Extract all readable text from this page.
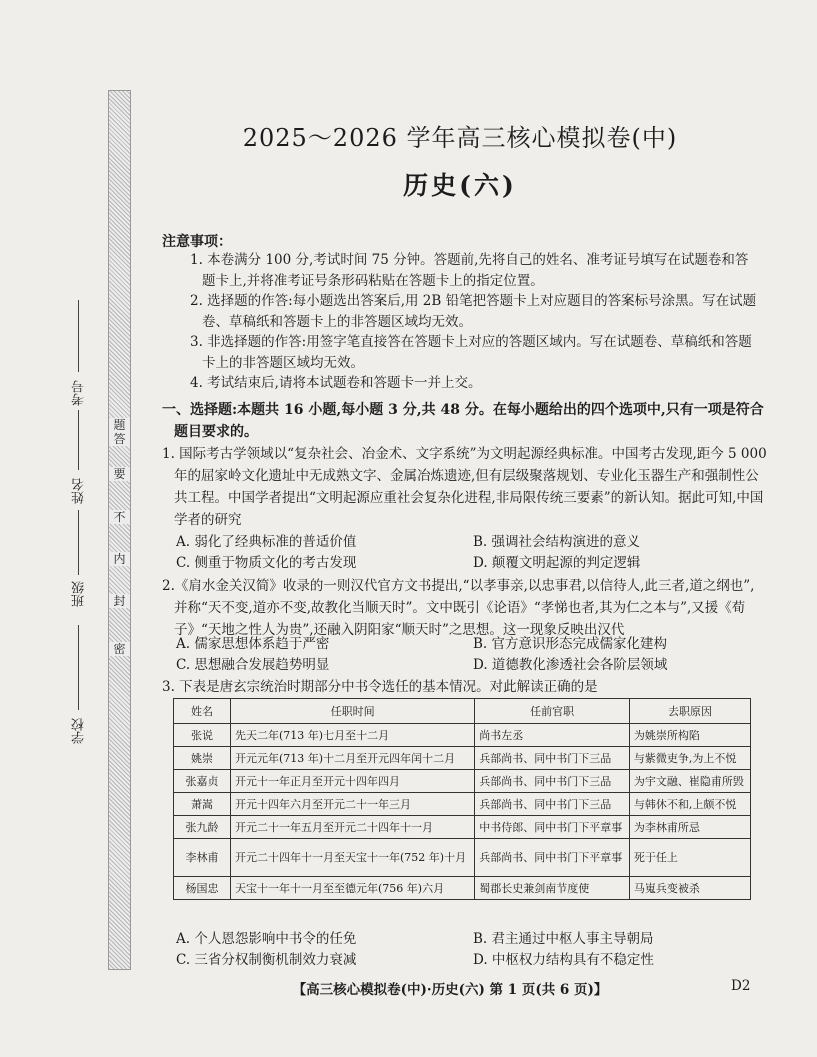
题
答
要
不
内
封
密
学校
班级
姓名
考号
2025～2026 学年高三核心模拟卷(中)
历史(六)
注意事项：

1. 本卷满分 100 分,考试时间 75 分钟。答题前,先将自己的姓名、准考证号填写在试题卷和答题卡上,并将准考证号条形码粘贴在答题卡上的指定位置。

2. 选择题的作答:每小题选出答案后,用 2B 铅笔把答题卡上对应题目的答案标号涂黑。写在试题卷、草稿纸和答题卡上的非答题区域均无效。

3. 非选择题的作答:用签字笔直接答在答题卡上对应的答题区域内。写在试题卷、草稿纸和答题卡上的非答题区域均无效。

4. 考试结束后,请将本试题卷和答题卡一并上交。

一、选择题:本题共 16 小题,每小题 3 分,共 48 分。在每小题给出的四个选项中,只有一项是符合题目要求的。

1. 国际考古学领域以“复杂社会、冶金术、文字系统”为文明起源经典标准。中国考古发现,距今 5 000 年的屈家岭文化遗址中无成熟文字、金属冶炼遗迹,但有层级聚落规划、专业化玉器生产和强制性公共工程。中国学者提出“文明起源应重社会复杂化进程,非局限传统三要素”的新认知。据此可知,中国学者的研究

A. 弱化了经典标准的普适价值	B. 强调社会结构演进的意义
C. 侧重于物质文化的考古发现	D. 颠覆文明起源的判定逻辑

2.《肩水金关汉简》收录的一则汉代官方文书提出,“以孝事亲,以忠事君,以信待人,此三者,道之纲也”,并称“天不变,道亦不变,故教化当顺天时”。文中既引《论语》“孝悌也者,其为仁之本与”,又援《荀子》“天地之性人为贵”,还融入阴阳家“顺天时”之思想。这一现象反映出汉代

A. 儒家思想体系趋于严密	B. 官方意识形态完成儒家化建构
C. 思想融合发展趋势明显	D. 道德教化渗透社会各阶层领域

3. 下表是唐玄宗统治时期部分中书令选任的基本情况。对此解读正确的是

姓名	任职时间	任前官职	去职原因
张说	先天二年(713 年)七月至十二月	尚书左丞	为姚崇所构陷
姚崇	开元元年(713 年)十二月至开元四年闰十二月	兵部尚书、同中书门下三品	与紫微吏争,为上不悦
张嘉贞	开元十一年正月至开元十四年四月	兵部尚书、同中书门下三品	为宇文融、崔隐甫所毁
萧嵩	开元十四年六月至开元二十一年三月	兵部尚书、同中书门下三品	与韩休不和,上颇不悦
张九龄	开元二十一年五月至开元二十四年十一月	中书侍郎、同中书门下平章事	为李林甫所忌
李林甫	开元二十四年十一月至天宝十一年(752 年)十月	兵部尚书、同中书门下平章事	死于任上
杨国忠	天宝十一年十一月至至德元年(756 年)六月	蜀郡长史兼剑南节度使	马嵬兵变被杀
A. 个人恩怨影响中书令的任免	B. 君主通过中枢人事主导朝局
C. 三省分权制衡机制效力衰减	D. 中枢权力结构具有不稳定性
【高三核心模拟卷(中)·历史(六) 第 1 页(共 6 页)】	D2
